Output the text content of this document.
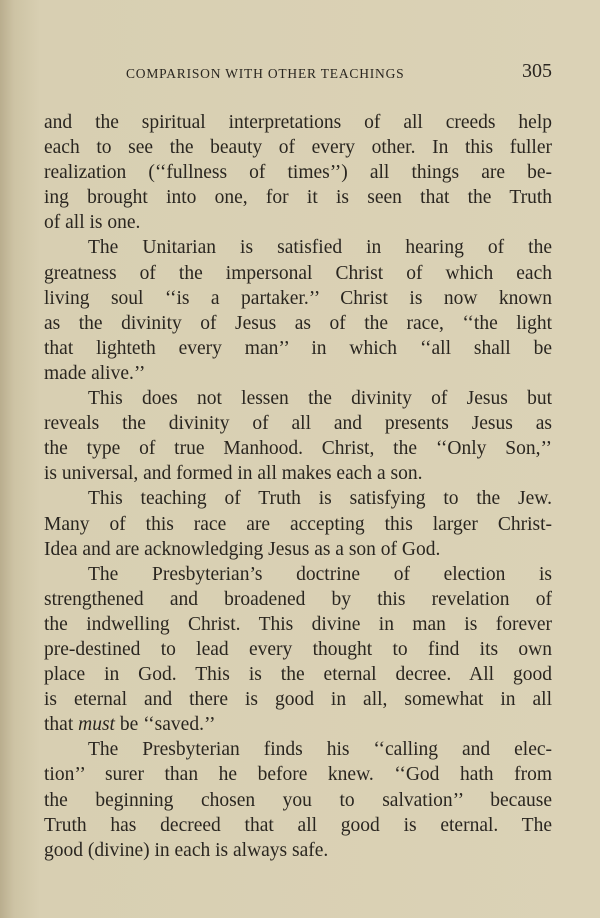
COMPARISON WITH OTHER TEACHINGS	305
and the spiritual interpretations of all creeds help
each to see the beauty of every other. In this fuller
realization (‘‘fullness of times’’) all things are be-
ing brought into one, for it is seen that the Truth
of all is one.
The Unitarian is satisfied in hearing of the
greatness of the impersonal Christ of which each
living soul ‘‘is a partaker.’’ Christ is now known
as the divinity of Jesus as of the race, ‘‘the light
that lighteth every man’’ in which ‘‘all shall be
made alive.’’
This does not lessen the divinity of Jesus but
reveals the divinity of all and presents Jesus as
the type of true Manhood. Christ, the ‘‘Only Son,’’
is universal, and formed in all makes each a son.
This teaching of Truth is satisfying to the Jew.
Many of this race are accepting this larger Christ-
Idea and are acknowledging Jesus as a son of God.
The Presbyterian’s doctrine of election is
strengthened and broadened by this revelation of
the indwelling Christ. This divine in man is forever
pre-destined to lead every thought to find its own
place in God. This is the eternal decree. All good
is eternal and there is good in all, somewhat in all
that must be ‘‘saved.’’
The Presbyterian finds his ‘‘calling and elec-
tion’’ surer than he before knew. ‘‘God hath from
the beginning chosen you to salvation’’ because
Truth has decreed that all good is eternal. The
good (divine) in each is always safe.
